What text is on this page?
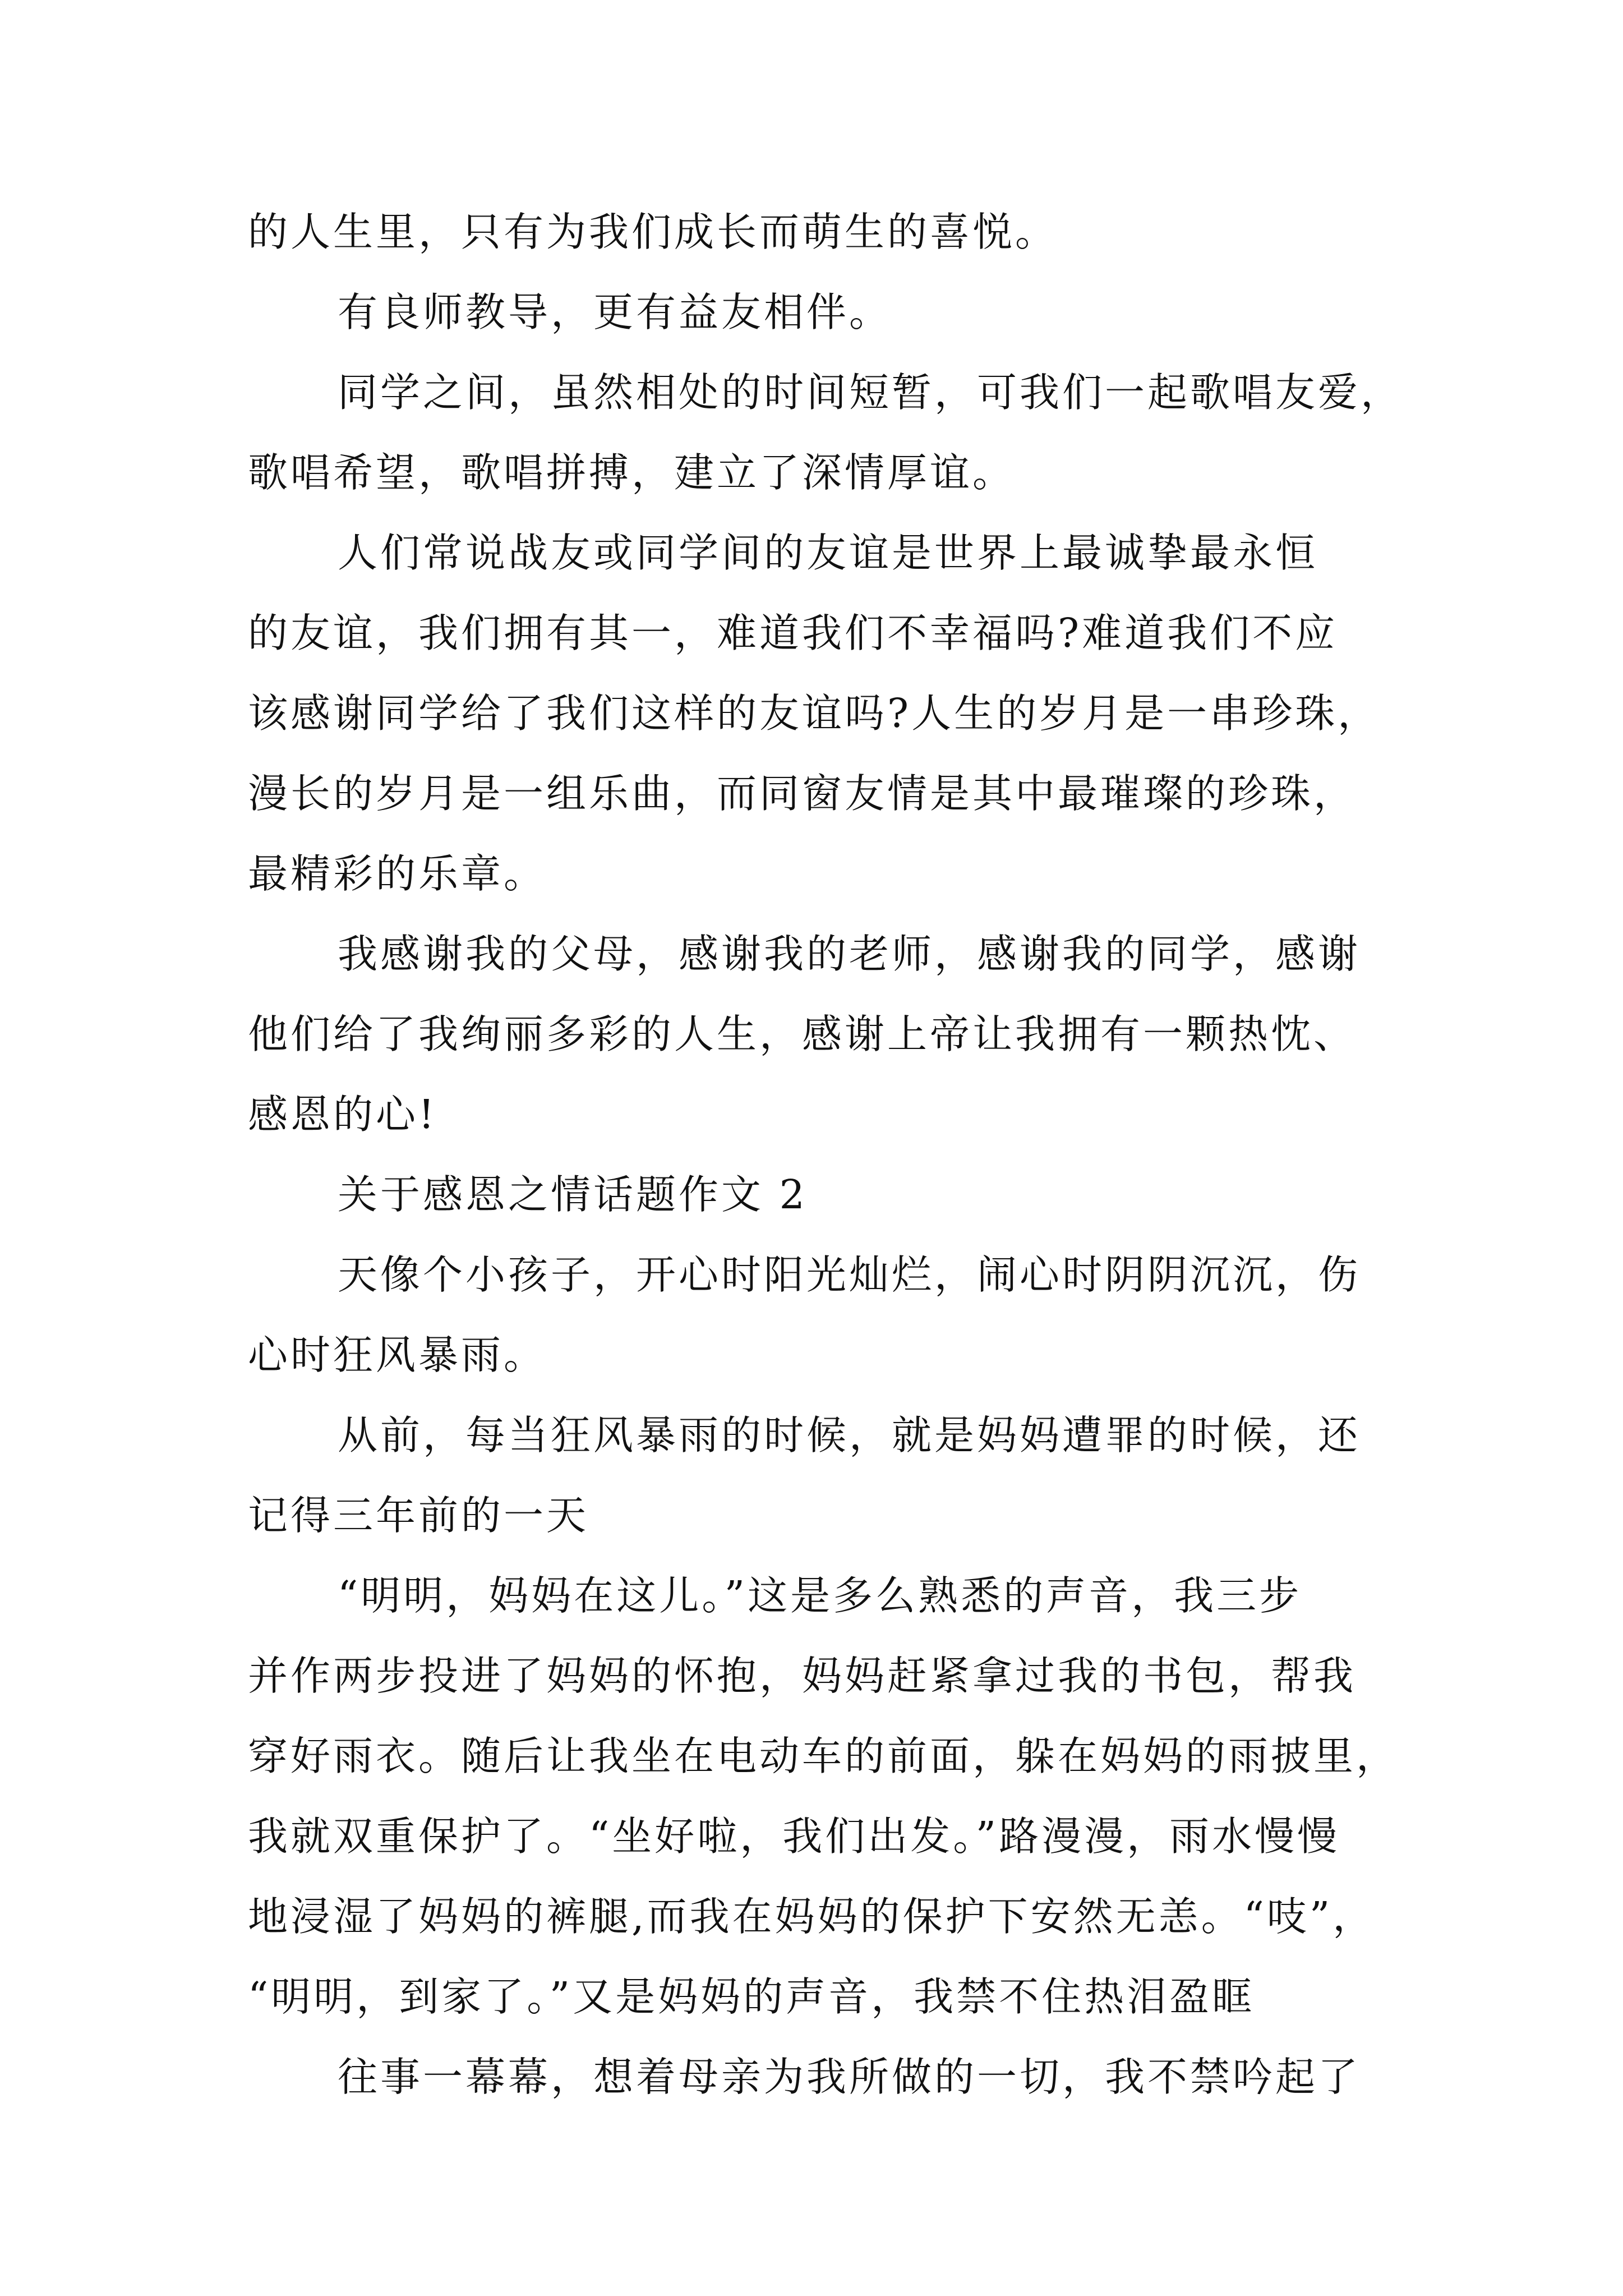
的人生里，只有为我们成长而萌生的喜悦。

有良师教导，更有益友相伴。

同学之间，虽然相处的时间短暂，可我们一起歌唱友爱，
歌唱希望，歌唱拼搏，建立了深情厚谊。

人们常说战友或同学间的友谊是世界上最诚挚最永恒
的友谊，我们拥有其一，难道我们不幸福吗?难道我们不应
该感谢同学给了我们这样的友谊吗?人生的岁月是一串珍珠，
漫长的岁月是一组乐曲，而同窗友情是其中最璀璨的珍珠，
最精彩的乐章。

我感谢我的父母，感谢我的老师，感谢我的同学，感谢
他们给了我绚丽多彩的人生，感谢上帝让我拥有一颗热忱、
感恩的心!

关于感恩之情话题作文 2

天像个小孩子，开心时阳光灿烂，闹心时阴阴沉沉，伤
心时狂风暴雨。

从前，每当狂风暴雨的时候，就是妈妈遭罪的时候，还
记得三年前的一天

“明明，妈妈在这儿。”这是多么熟悉的声音，我三步
并作两步投进了妈妈的怀抱，妈妈赶紧拿过我的书包，帮我
穿好雨衣。随后让我坐在电动车的前面，躲在妈妈的雨披里，
我就双重保护了。“坐好啦，我们出发。”路漫漫，雨水慢慢
地浸湿了妈妈的裤腿,而我在妈妈的保护下安然无恙。“吱”，
“明明，到家了。”又是妈妈的声音，我禁不住热泪盈眶

往事一幕幕，想着母亲为我所做的一切，我不禁吟起了
